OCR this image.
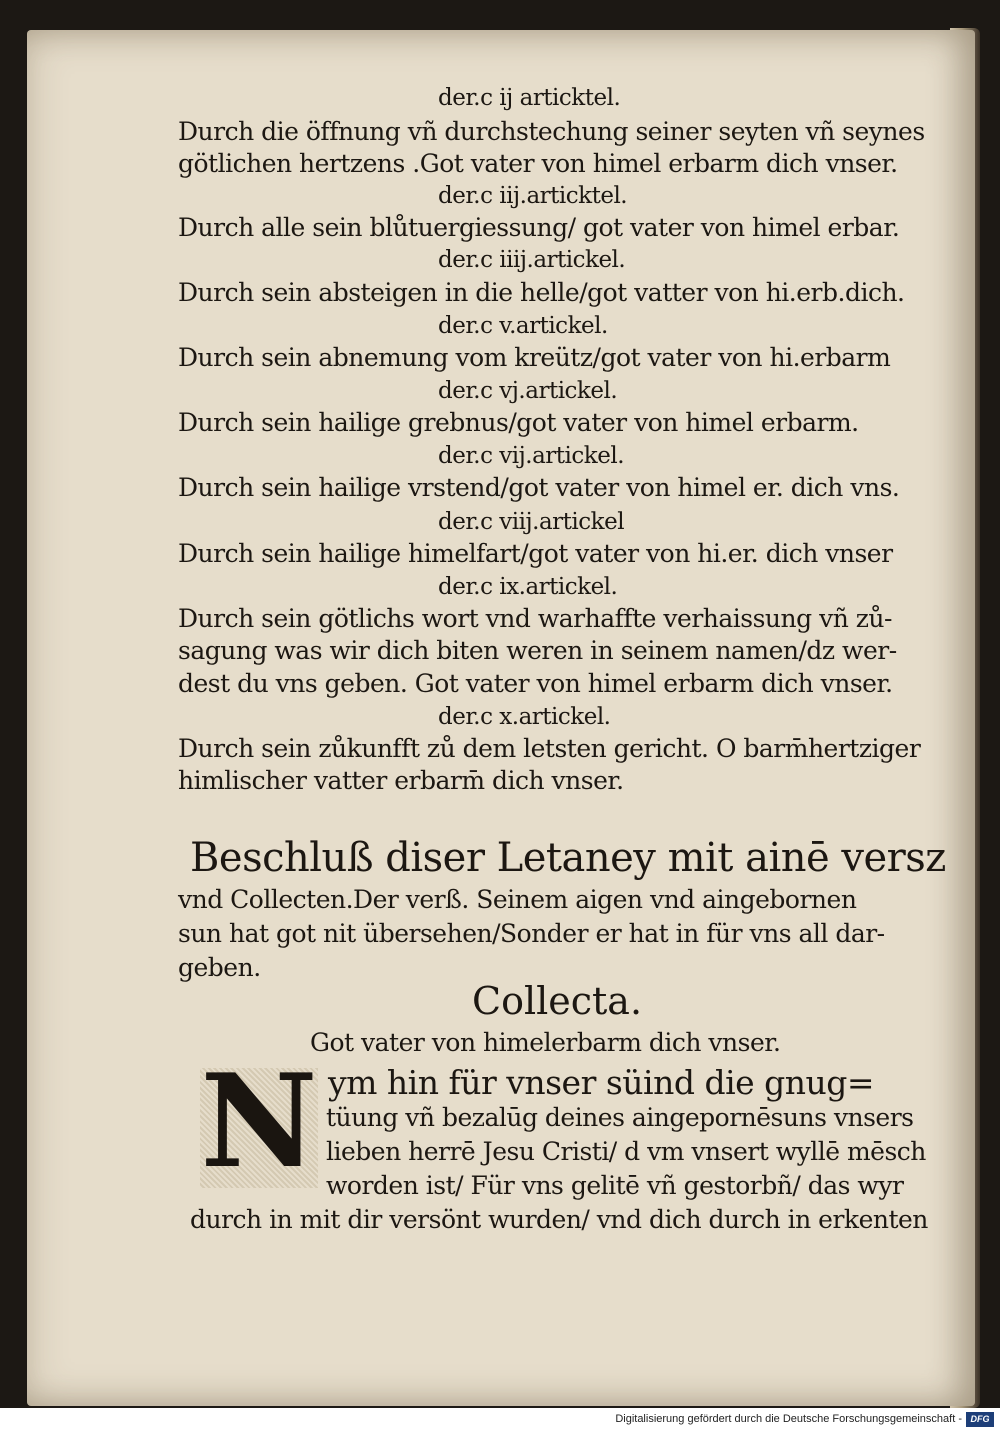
der.c ij articktel.
Durch die öffnung vñ durchstechung seiner seyten vñ seynes
götlichen hertzens .Got vater von himel erbarm dich vnser.
der.c iij.articktel.
Durch alle sein blůtuergiessung/ got vater von himel erbar.
der.c iiij.artickel.
Durch sein absteigen in die helle/got vatter von hi.erb.dich.
der.c v.artickel.
Durch sein abnemung vom kreütz/got vater von hi.erbarm
der.c vj.artickel.
Durch sein hailige grebnus/got vater von himel erbarm.
der.c vij.artickel.
Durch sein hailige vrstend/got vater von himel er. dich vns.
der.c viij.artickel
Durch sein hailige himelfart/got vater von hi.er. dich vnser
der.c ix.artickel.
Durch sein götlichs wort vnd warhaffte verhaissung vñ zů-
sagung was wir dich biten weren in seinem namen/dz wer-
dest du vns geben. Got vater von himel erbarm dich vnser.
der.c x.artickel.
Durch sein zůkunfft zů dem letsten gericht. O barm̄hertziger
himlischer vatter erbarm̄ dich vnser.
Beschluß diser Letaney mit ainē versz
vnd Collecten.Der verß. Seinem aigen vnd aingebornen
sun hat got nit übersehen/Sonder er hat in für vns all dar-
geben.
Collecta.
Got vater von himelerbarm dich vnser.
N ym hin für vnser süind die gnug=
tüung vñ bezalūg deines aingepornēsuns vnsers
lieben herrē Jesu Cristi/ d vm vnsert wyllē mēsch
worden ist/ Für vns gelitē vñ gestorbñ/ das wyr
durch in mit dir versönt wurden/ vnd dich durch in erkenten
Digitalisierung gefördert durch die Deutsche Forschungsgemeinschaft - DFG
